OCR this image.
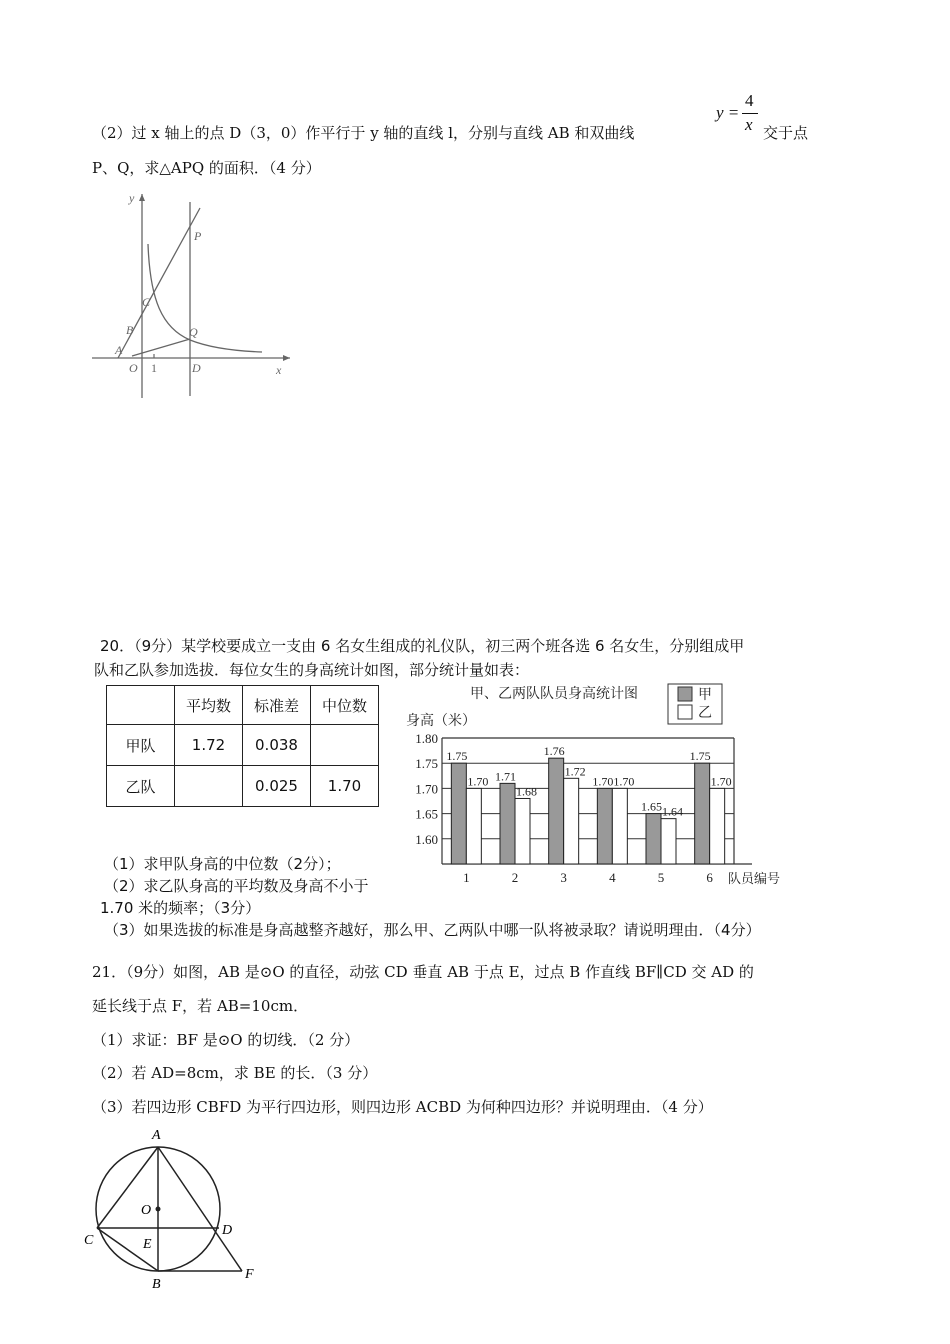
（2）过 x 轴上的点 D（3，0）作平行于 y 轴的直线 l，分别与直线 AB 和双曲线
y =
4
x 交于点
P、Q，求△APQ 的面积．（4 分）
y
x
P
C
B	Q
A
O 1	D
20．（9分）某学校要成立一支由 6 名女生组成的礼仪队，初三两个班各选 6 名女生，分别组成甲
队和乙队参加选拔．每位女生的身高统计如图，部分统计量如表：
	平均数	标准差	中位数
甲队	1.72	0.038	
乙队		0.025	1.70
甲、乙两队队员身高统计图	甲
乙
身高（米）
1.80
1.75
1.70
1.65
1.60
1.75
1.70
1
1.71
1.68
2
1.76
1.72
3
1.70 1.70
4
1.65 1.64
5
1.75
1.70
6 队员编号
（1）求甲队身高的中位数（2分）；
（2）求乙队身高的平均数及身高不小于
1.70 米的频率；（3分）
（3）如果选拔的标准是身高越整齐越好，那么甲、乙两队中哪一队将被录取？请说明理由．（4分）
21．（9分）如图，AB 是⊙O 的直径，动弦 CD 垂直 AB 于点 E，过点 B 作直线 BF∥CD 交 AD 的
延长线于点 F，若 AB=10cm．
（1）求证：BF 是⊙O 的切线．（2 分）
（2）若 AD=8cm，求 BE 的长．（3 分）
（3）若四边形 CBFD 为平行四边形，则四边形 ACBD 为何种四边形？并说明理由．（4 分）
A
O
C
D
E
B
F
